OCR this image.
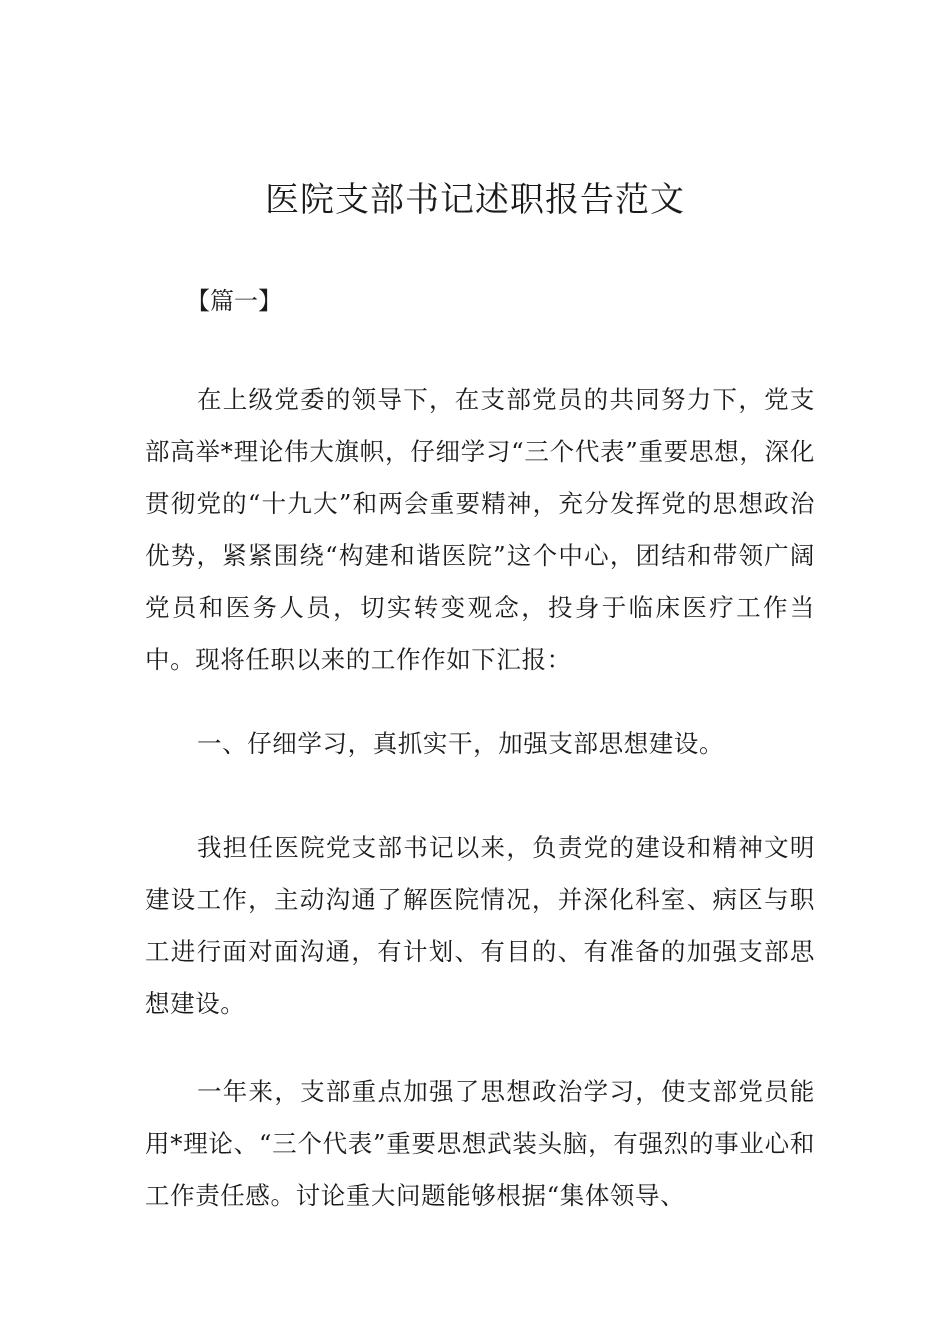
医院支部书记述职报告范文

【篇一】

在上级党委的领导下，在支部党员的共同努力下，党支部高举*理论伟大旗帜，仔细学习“三个代表”重要思想，深化贯彻党的“十九大”和两会重要精神，充分发挥党的思想政治优势，紧紧围绕“构建和谐医院”这个中心，团结和带领广阔党员和医务人员，切实转变观念，投身于临床医疗工作当中。现将任职以来的工作作如下汇报：

一、仔细学习，真抓实干，加强支部思想建设。

我担任医院党支部书记以来，负责党的建设和精神文明建设工作，主动沟通了解医院情况，并深化科室、病区与职工进行面对面沟通，有计划、有目的、有准备的加强支部思想建设。

一年来，支部重点加强了思想政治学习，使支部党员能用*理论、“三个代表”重要思想武装头脑，有强烈的事业心和工作责任感。讨论重大问题能够根据“集体领导、
